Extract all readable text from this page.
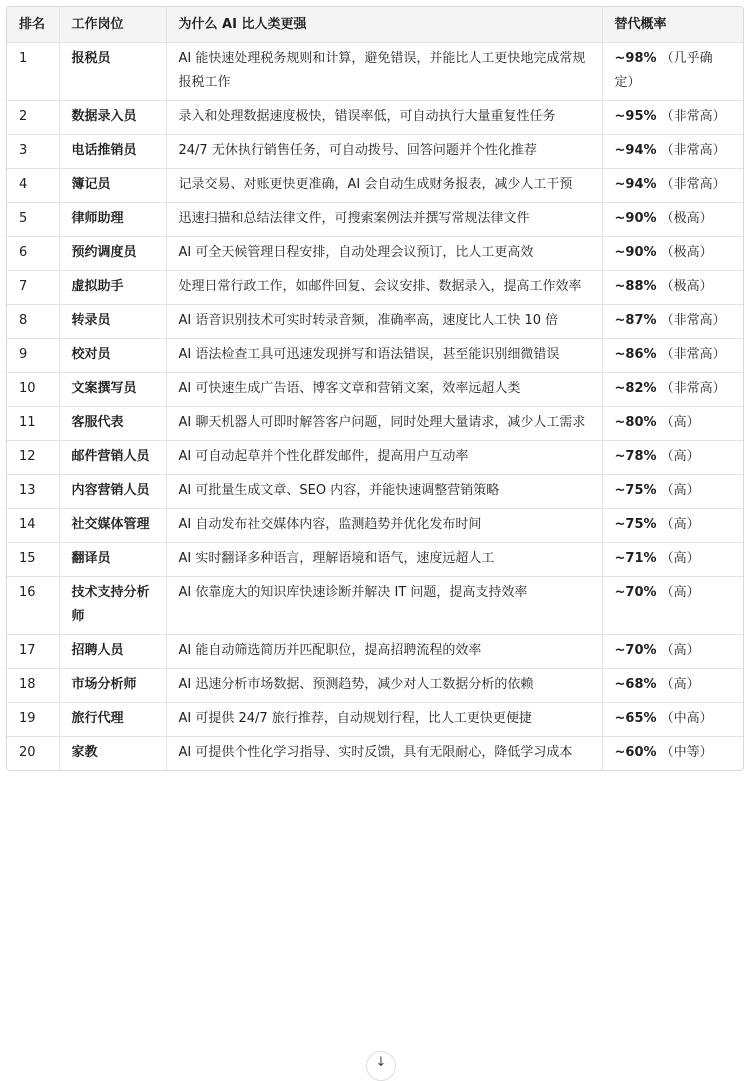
排名	工作岗位	为什么 AI 比人类更强	替代概率
1	报税员	AI 能快速处理税务规则和计算，避免错误，并能比人工更快地完成常规报税工作	~98% （几乎确定）
2	数据录入员	录入和处理数据速度极快，错误率低，可自动执行大量重复性任务	~95% （非常高）
3	电话推销员	24/7 无休执行销售任务，可自动拨号、回答问题并个性化推荐	~94% （非常高）
4	簿记员	记录交易、对账更快更准确，AI 会自动生成财务报表，减少人工干预	~94% （非常高）
5	律师助理	迅速扫描和总结法律文件，可搜索案例法并撰写常规法律文件	~90% （极高）
6	预约调度员	AI 可全天候管理日程安排，自动处理会议预订，比人工更高效	~90% （极高）
7	虚拟助手	处理日常行政工作，如邮件回复、会议安排、数据录入，提高工作效率	~88% （极高）
8	转录员	AI 语音识别技术可实时转录音频，准确率高，速度比人工快 10 倍	~87% （非常高）
9	校对员	AI 语法检查工具可迅速发现拼写和语法错误，甚至能识别细微错误	~86% （非常高）
10	文案撰写员	AI 可快速生成广告语、博客文章和营销文案，效率远超人类	~82% （非常高）
11	客服代表	AI 聊天机器人可即时解答客户问题，同时处理大量请求，减少人工需求	~80% （高）
12	邮件营销人员	AI 可自动起草并个性化群发邮件，提高用户互动率	~78% （高）
13	内容营销人员	AI 可批量生成文章、SEO 内容，并能快速调整营销策略	~75% （高）
14	社交媒体管理	AI 自动发布社交媒体内容，监测趋势并优化发布时间	~75% （高）
15	翻译员	AI 实时翻译多种语言，理解语境和语气，速度远超人工	~71% （高）
16	技术支持分析师	AI 依靠庞大的知识库快速诊断并解决 IT 问题，提高支持效率	~70% （高）
17	招聘人员	AI 能自动筛选简历并匹配职位，提高招聘流程的效率	~70% （高）
18	市场分析师	AI 迅速分析市场数据、预测趋势，减少对人工数据分析的依赖	~68% （高）
19	旅行代理	AI 可提供 24/7 旅行推荐，自动规划行程，比人工更快更便捷	~65% （中高）
20	家教	AI 可提供个性化学习指导、实时反馈，具有无限耐心，降低学习成本	~60% （中等）
↓
